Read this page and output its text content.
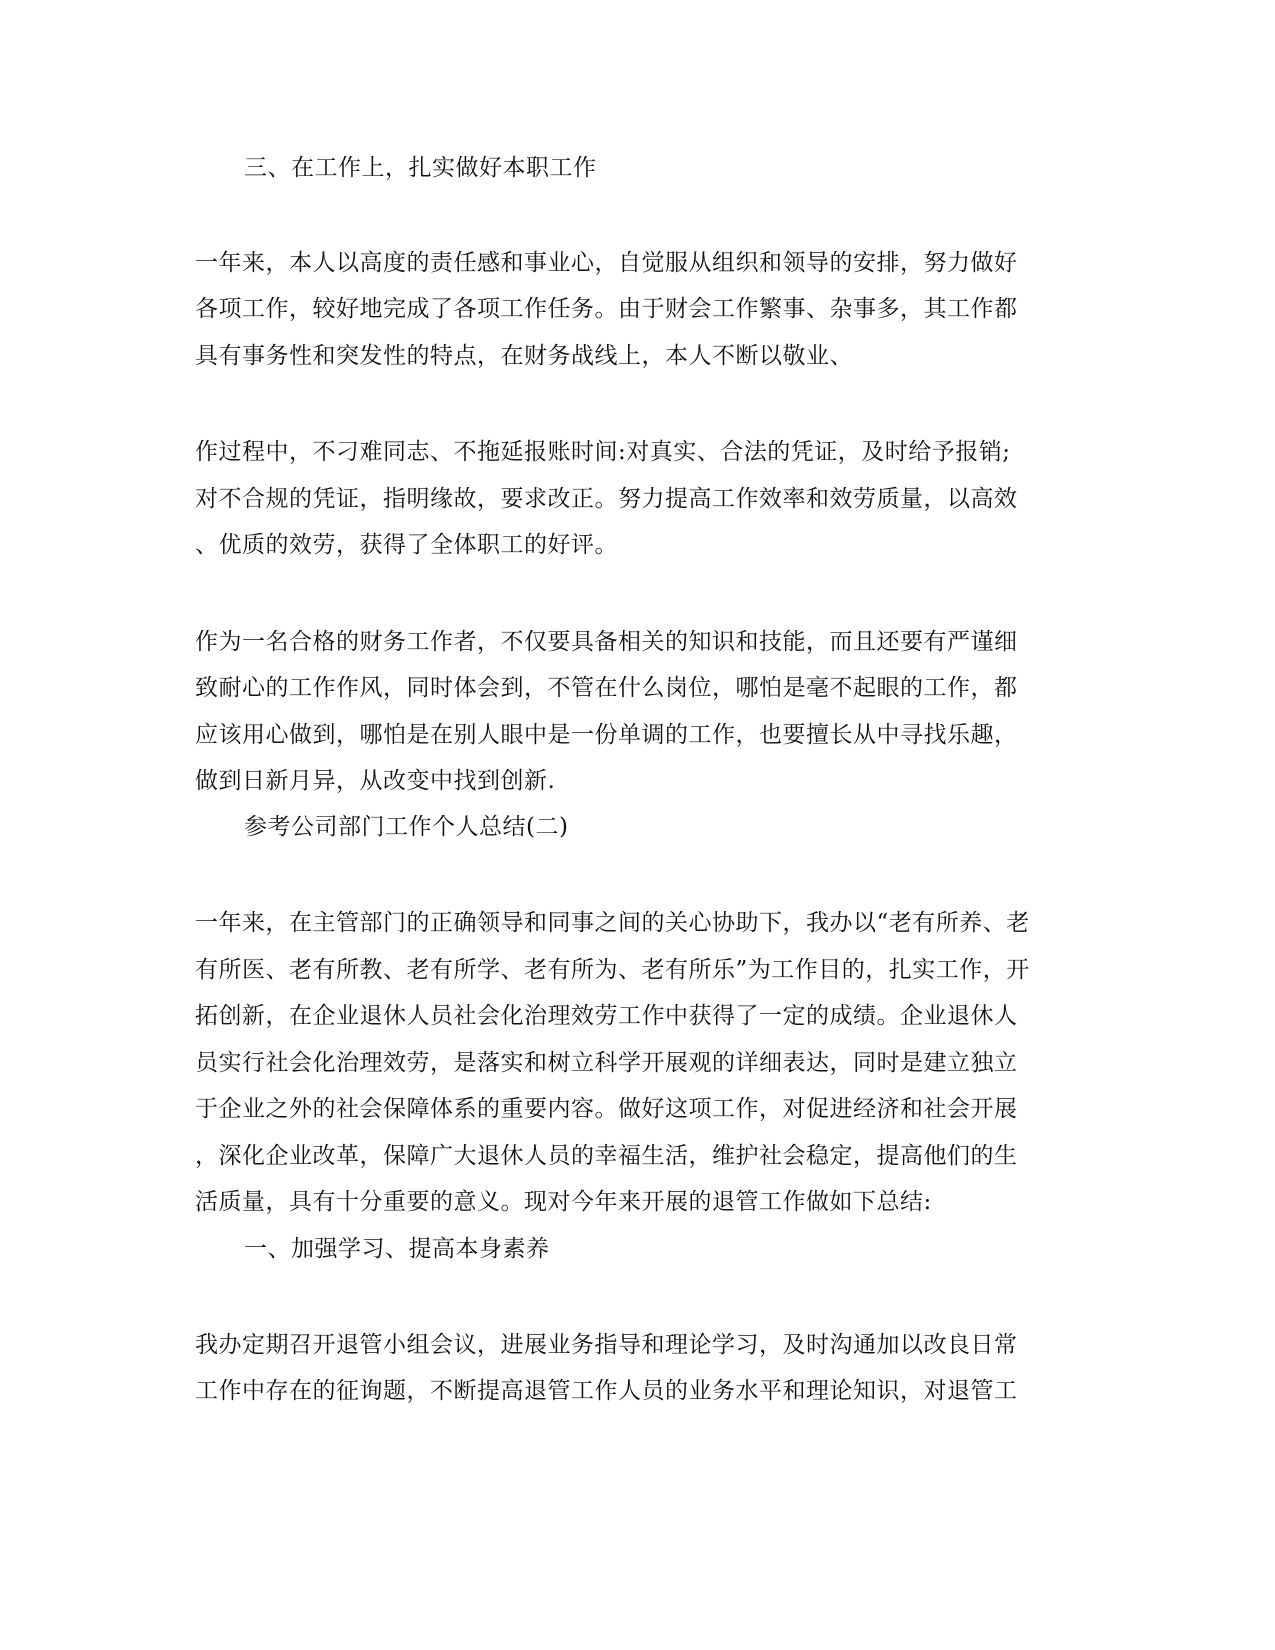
三、在工作上，扎实做好本职工作
一年来，本人以高度的责任感和事业心，自觉服从组织和领导的安排，努力做好
各项工作，较好地完成了各项工作任务。由于财会工作繁事、杂事多，其工作都
具有事务性和突发性的特点，在财务战线上，本人不断以敬业、
作过程中，不刁难同志、不拖延报账时间:对真实、合法的凭证，及时给予报销;
对不合规的凭证，指明缘故，要求改正。努力提高工作效率和效劳质量，以高效
、优质的效劳，获得了全体职工的好评。
作为一名合格的财务工作者，不仅要具备相关的知识和技能，而且还要有严谨细
致耐心的工作作风，同时体会到，不管在什么岗位，哪怕是毫不起眼的工作，都
应该用心做到，哪怕是在别人眼中是一份单调的工作，也要擅长从中寻找乐趣，
做到日新月异，从改变中找到创新.
参考公司部门工作个人总结(二)
一年来，在主管部门的正确领导和同事之间的关心协助下，我办以“老有所养、老
有所医、老有所教、老有所学、老有所为、老有所乐”为工作目的，扎实工作，开
拓创新，在企业退休人员社会化治理效劳工作中获得了一定的成绩。企业退休人
员实行社会化治理效劳，是落实和树立科学开展观的详细表达，同时是建立独立
于企业之外的社会保障体系的重要内容。做好这项工作，对促进经济和社会开展
，深化企业改革，保障广大退休人员的幸福生活，维护社会稳定，提高他们的生
活质量，具有十分重要的意义。现对今年来开展的退管工作做如下总结:
一、加强学习、提高本身素养
我办定期召开退管小组会议，进展业务指导和理论学习，及时沟通加以改良日常
工作中存在的征询题，不断提高退管工作人员的业务水平和理论知识，对退管工
